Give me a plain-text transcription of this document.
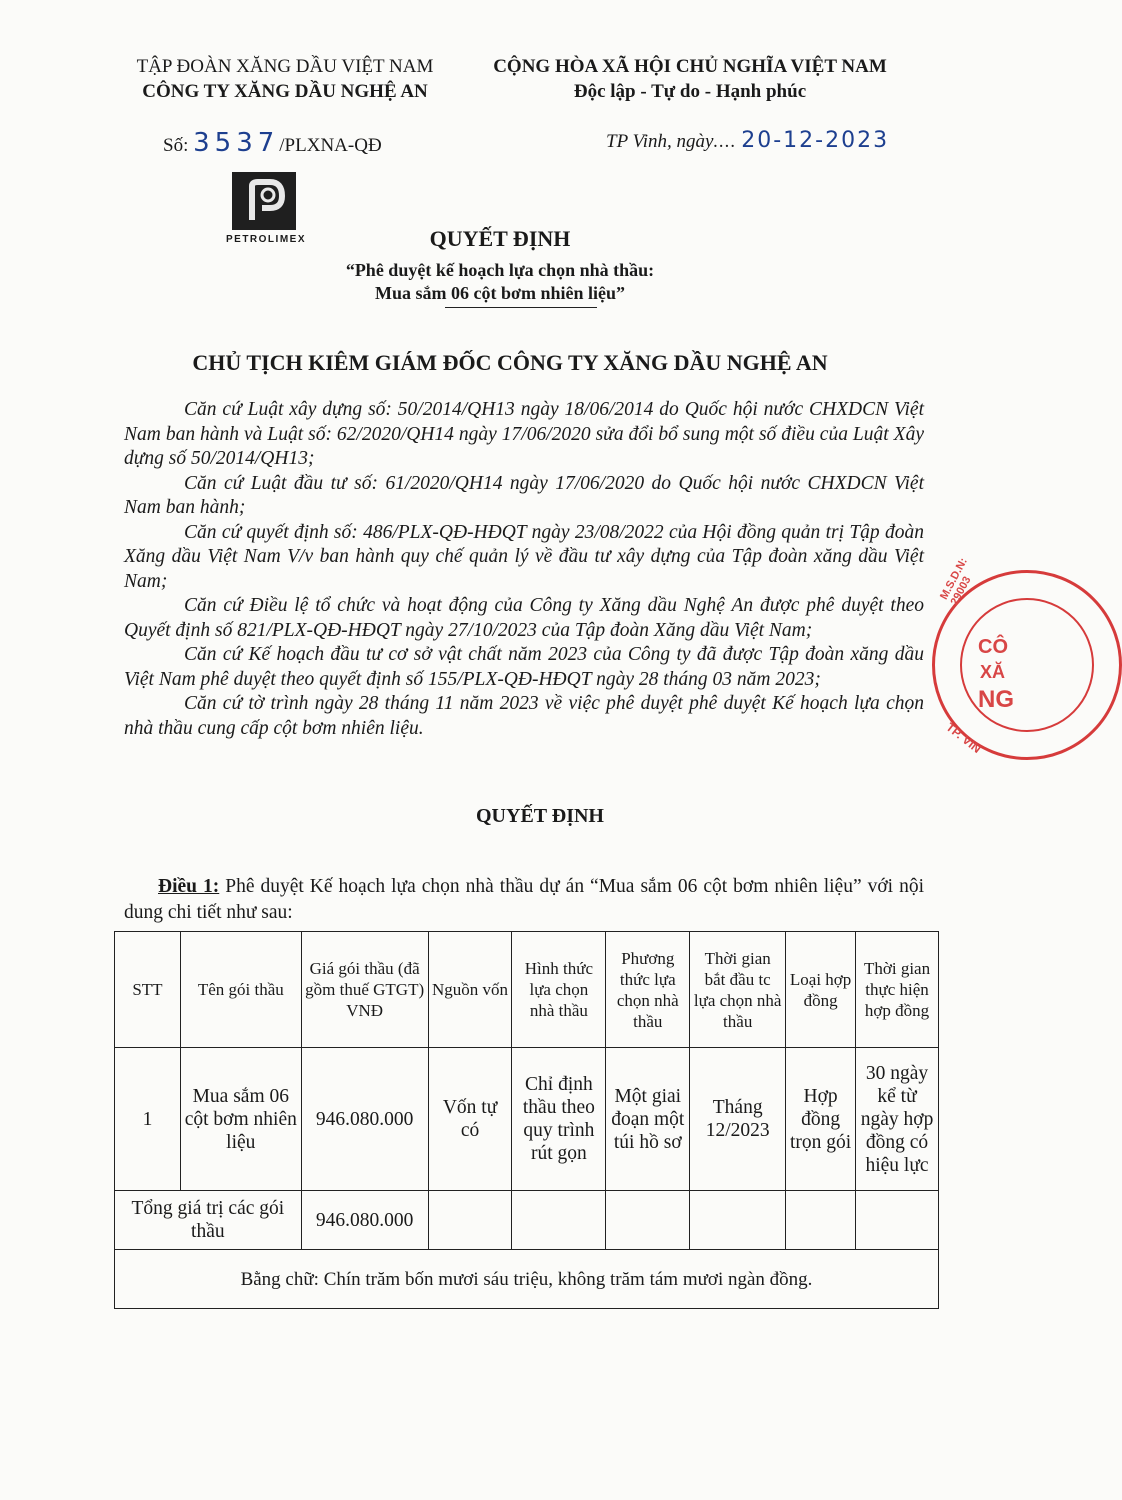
TẬP ĐOÀN XĂNG DẦU VIỆT NAM
CÔNG TY XĂNG DẦU NGHỆ AN
CỘNG HÒA XÃ HỘI CHỦ NGHĨA VIỆT NAM
Độc lập - Tự do - Hạnh phúc
Số: 3537/PLXNA-QĐ	TP Vinh, ngày.... 20-12-2023
PETROLIMEX	QUYẾT ĐỊNH
“Phê duyệt kế hoạch lựa chọn nhà thầu:
Mua sắm 06 cột bơm nhiên liệu”
CHỦ TỊCH KIÊM GIÁM ĐỐC CÔNG TY XĂNG DẦU NGHỆ AN

Căn cứ Luật xây dựng số: 50/2014/QH13 ngày 18/06/2014 do Quốc hội nước CHXDCN Việt Nam ban hành và Luật số: 62/2020/QH14 ngày 17/06/2020 sửa đổi bổ sung một số điều của Luật Xây dựng số 50/2014/QH13;

Căn cứ Luật đầu tư số: 61/2020/QH14 ngày 17/06/2020 do Quốc hội nước CHXDCN Việt Nam ban hành;

Căn cứ quyết định số: 486/PLX-QĐ-HĐQT ngày 23/08/2022 của Hội đồng quản trị Tập đoàn Xăng dầu Việt Nam V/v ban hành quy chế quản lý về đầu tư xây dựng của Tập đoàn xăng dầu Việt Nam;

Căn cứ Điều lệ tổ chức và hoạt động của Công ty Xăng dầu Nghệ An được phê duyệt theo Quyết định số 821/PLX-QĐ-HĐQT ngày 27/10/2023 của Tập đoàn Xăng dầu Việt Nam;

Căn cứ Kế hoạch đầu tư cơ sở vật chất năm 2023 của Công ty đã được Tập đoàn xăng dầu Việt Nam phê duyệt theo quyết định số 155/PLX-QĐ-HĐQT ngày 28 tháng 03 năm 2023;

Căn cứ tờ trình ngày 28 tháng 11 năm 2023 về việc phê duyệt phê duyệt Kế hoạch lựa chọn nhà thầu cung cấp cột bơm nhiên liệu.

QUYẾT ĐỊNH

Điều 1: Phê duyệt Kế hoạch lựa chọn nhà thầu dự án “Mua sắm 06 cột bơm nhiên liệu” với nội dung chi tiết như sau:

STT	Tên gói thầu	Giá gói thầu (đã gồm thuế GTGT) VNĐ	Nguồn vốn	Hình thức lựa chọn nhà thầu	Phương thức lựa chọn nhà thầu	Thời gian bắt đầu tc lựa chọn nhà thầu	Loại hợp đồng	Thời gian thực hiện hợp đồng
1	Mua sắm 06 cột bơm nhiên liệu	946.080.000	Vốn tự có	Chỉ định thầu theo quy trình rút gọn	Một giai đoạn một túi hồ sơ	Tháng 12/2023	Hợp đồng trọn gói	30 ngày kể từ ngày hợp đồng có hiệu lực
Tổng giá trị các gói thầu		946.080.000						
Bằng chữ: Chín trăm bốn mươi sáu triệu, không trăm tám mươi ngàn đồng.								
M.S.D.N: 29003
CÔ
XĂ
NG
TP. VIN
